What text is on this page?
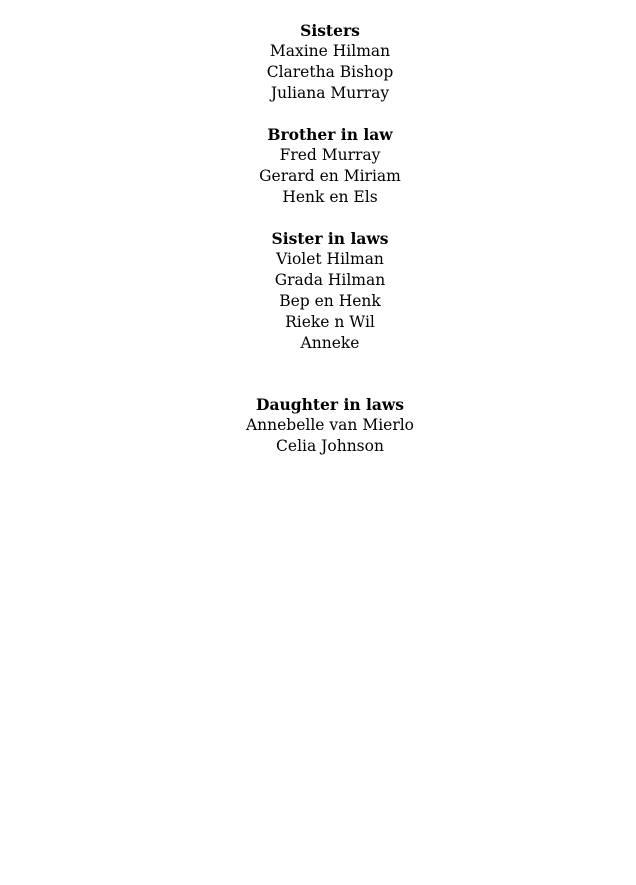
Sisters
Maxine Hilman
Claretha Bishop
Juliana Murray
Brother in law
Fred Murray
Gerard en Miriam
Henk en Els
Sister in laws
Violet Hilman
Grada Hilman
Bep en Henk
Rieke n Wil
Anneke
Daughter in laws
Annebelle van Mierlo
Celia Johnson
